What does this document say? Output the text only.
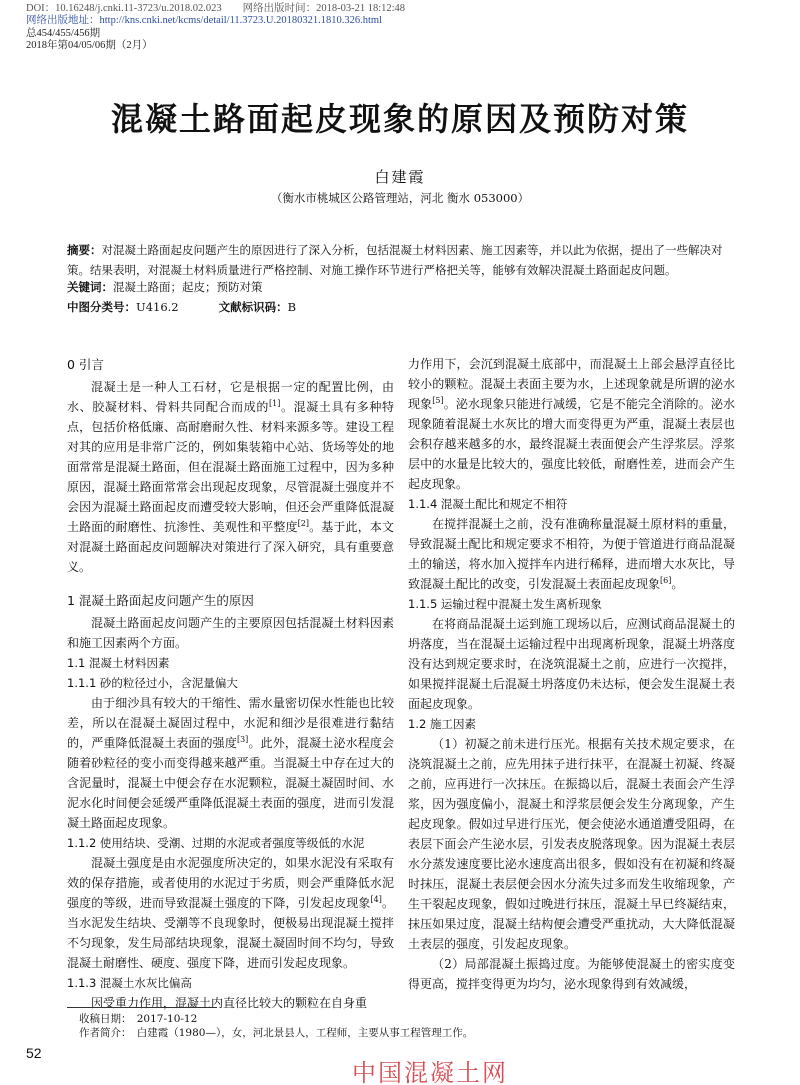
DOI：10.16248/j.cnki.11-3723/u.2018.02.023　　网络出版时间：2018-03-21 18:12:48
网络出版地址：http://kns.cnki.net/kcms/detail/11.3723.U.20180321.1810.326.html
总454/455/456期
2018年第04/05/06期（2月）
混凝土路面起皮现象的原因及预防对策
白建霞
（衡水市桃城区公路管理站，河北 衡水 053000）
摘要：对混凝土路面起皮问题产生的原因进行了深入分析，包括混凝土材料因素、施工因素等，并以此为依据，提出了一些解决对策。结果表明，对混凝土材料质量进行严格控制、对施工操作环节进行严格把关等，能够有效解决混凝土路面起皮问题。
关键词：混凝土路面；起皮；预防对策
中图分类号：U416.2	文献标识码：B
0 引言

混凝土是一种人工石材，它是根据一定的配置比例，由水、胶凝材料、骨料共同配合而成的[1]。混凝土具有多种特点，包括价格低廉、高耐磨耐久性、材料来源多等。建设工程对其的应用是非常广泛的，例如集装箱中心站、货场等处的地面常常是混凝土路面，但在混凝土路面施工过程中，因为多种原因，混凝土路面常常会出现起皮现象，尽管混凝土强度并不会因为混凝土路面起皮而遭受较大影响，但还会严重降低混凝土路面的耐磨性、抗渗性、美观性和平整度[2]。基于此，本文对混凝土路面起皮问题解决对策进行了深入研究，具有重要意义。

1 混凝土路面起皮问题产生的原因

混凝土路面起皮问题产生的主要原因包括混凝土材料因素和施工因素两个方面。

1.1 混凝土材料因素
1.1.1 砂的粒径过小，含泥量偏大

由于细沙具有较大的干缩性、需水量密切保水性能也比较差，所以在混凝土凝固过程中，水泥和细沙是很难进行黏结的，严重降低混凝土表面的强度[3]。此外，混凝土泌水程度会随着砂粒径的变小而变得越来越严重。当混凝土中存在过大的含泥量时，混凝土中便会存在水泥颗粒，混凝土凝固时间、水泥水化时间便会延缓严重降低混凝土表面的强度，进而引发混凝土路面起皮现象。

1.1.2 使用结块、受潮、过期的水泥或者强度等级低的水泥

混凝土强度是由水泥强度所决定的，如果水泥没有采取有效的保存措施，或者使用的水泥过于劣质，则会严重降低水泥强度的等级，进而导致混凝土强度的下降，引发起皮现象[4]。当水泥发生结块、受潮等不良现象时，便极易出现混凝土搅拌不匀现象，发生局部结块现象，混凝土凝固时间不均匀，导致混凝土耐磨性、硬度、强度下降，进而引发起皮现象。

1.1.3 混凝土水灰比偏高

因受重力作用，混凝土内直径比较大的颗粒在自身重

力作用下，会沉到混凝土底部中，而混凝土上部会悬浮直径比较小的颗粒。混凝土表面主要为水，上述现象就是所谓的泌水现象[5]。泌水现象只能进行减缓，它是不能完全消除的。泌水现象随着混凝土水灰比的增大而变得更为严重，混凝土表层也会积存越来越多的水，最终混凝土表面便会产生浮浆层。浮浆层中的水量是比较大的，强度比较低，耐磨性差，进而会产生起皮现象。

1.1.4 混凝土配比和规定不相符

在搅拌混凝土之前，没有准确称量混凝土原材料的重量，导致混凝土配比和规定要求不相符，为便于管道进行商品混凝土的输送，将水加入搅拌车内进行稀释，进而增大水灰比，导致混凝土配比的改变，引发混凝土表面起皮现象[6]。

1.1.5 运输过程中混凝土发生离析现象

在将商品混凝土运到施工现场以后，应测试商品混凝土的坍落度，当在混凝土运输过程中出现离析现象，混凝土坍落度没有达到规定要求时，在浇筑混凝土之前，应进行一次搅拌，如果搅拌混凝土后混凝土坍落度仍未达标，便会发生混凝土表面起皮现象。

1.2 施工因素

（1）初凝之前未进行压光。根据有关技术规定要求，在浇筑混凝土之前，应先用抹子进行抹平，在混凝土初凝、终凝之前，应再进行一次抹压。在振捣以后，混凝土表面会产生浮浆，因为强度偏小，混凝土和浮浆层便会发生分离现象，产生起皮现象。假如过早进行压光，便会使泌水通道遭受阻碍，在表层下面会产生泌水层，引发表皮脱落现象。因为混凝土表层水分蒸发速度要比泌水速度高出很多，假如没有在初凝和终凝时抹压，混凝土表层便会因水分流失过多而发生收缩现象，产生干裂起皮现象，假如过晚进行抹压，混凝土早已终凝结束，抹压如果过度，混凝土结构便会遭受严重扰动，大大降低混凝土表层的强度，引发起皮现象。

（2）局部混凝土振捣过度。为能够使混凝土的密实度变得更高，搅拌变得更为均匀，泌水现象得到有效减缓，

收稿日期：　2017-10-12
作者简介：　白建霞（1980—），女，河北景县人，工程师，主要从事工程管理工作。
52
中国混凝土网
